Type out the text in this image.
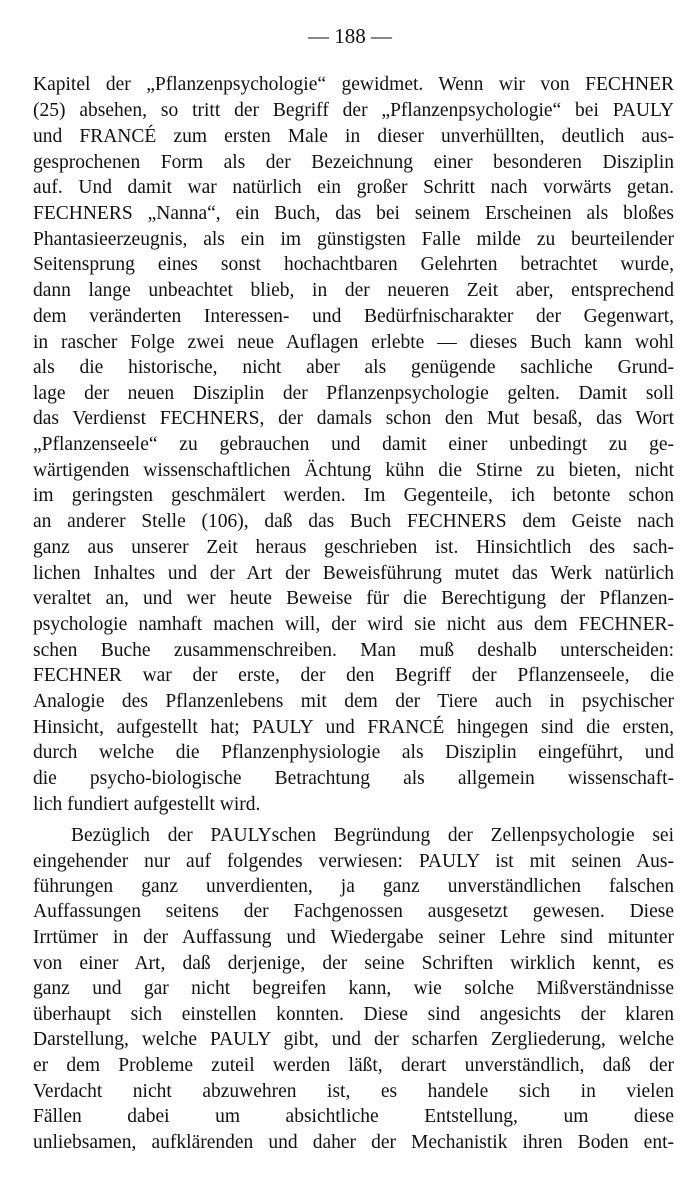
— 188 —
Kapitel der „Pflanzenpsychologie“ gewidmet. Wenn wir von FECHNER
(25) absehen, so tritt der Begriff der „Pflanzenpsychologie“ bei PAULY
und FRANCÉ zum ersten Male in dieser unverhüllten, deutlich aus-
gesprochenen Form als der Bezeichnung einer besonderen Disziplin
auf. Und damit war natürlich ein großer Schritt nach vorwärts getan.
FECHNERS „Nanna“, ein Buch, das bei seinem Erscheinen als bloßes
Phantasieerzeugnis, als ein im günstigsten Falle milde zu beurteilender
Seitensprung eines sonst hochachtbaren Gelehrten betrachtet wurde,
dann lange unbeachtet blieb, in der neueren Zeit aber, entsprechend
dem veränderten Interessen- und Bedürfnischarakter der Gegenwart,
in rascher Folge zwei neue Auflagen erlebte — dieses Buch kann wohl
als die historische, nicht aber als genügende sachliche Grund-
lage der neuen Disziplin der Pflanzenpsychologie gelten. Damit soll
das Verdienst FECHNERS, der damals schon den Mut besaß, das Wort
„Pflanzenseele“ zu gebrauchen und damit einer unbedingt zu ge-
wärtigenden wissenschaftlichen Ächtung kühn die Stirne zu bieten, nicht
im geringsten geschmälert werden. Im Gegenteile, ich betonte schon
an anderer Stelle (106), daß das Buch FECHNERS dem Geiste nach
ganz aus unserer Zeit heraus geschrieben ist. Hinsichtlich des sach-
lichen Inhaltes und der Art der Beweisführung mutet das Werk natürlich
veraltet an, und wer heute Beweise für die Berechtigung der Pflanzen-
psychologie namhaft machen will, der wird sie nicht aus dem FECHNER-
schen Buche zusammenschreiben. Man muß deshalb unterscheiden:
FECHNER war der erste, der den Begriff der Pflanzenseele, die
Analogie des Pflanzenlebens mit dem der Tiere auch in psychischer
Hinsicht, aufgestellt hat; PAULY und FRANCÉ hingegen sind die ersten,
durch welche die Pflanzenphysiologie als Disziplin eingeführt, und
die psycho-biologische Betrachtung als allgemein wissenschaft-
lich fundiert aufgestellt wird.
Bezüglich der PAULYschen Begründung der Zellenpsychologie sei
eingehender nur auf folgendes verwiesen: PAULY ist mit seinen Aus-
führungen ganz unverdienten, ja ganz unverständlichen falschen
Auffassungen seitens der Fachgenossen ausgesetzt gewesen. Diese
Irrtümer in der Auffassung und Wiedergabe seiner Lehre sind mitunter
von einer Art, daß derjenige, der seine Schriften wirklich kennt, es
ganz und gar nicht begreifen kann, wie solche Mißverständnisse
überhaupt sich einstellen konnten. Diese sind angesichts der klaren
Darstellung, welche PAULY gibt, und der scharfen Zergliederung, welche
er dem Probleme zuteil werden läßt, derart unverständlich, daß der
Verdacht nicht abzuwehren ist, es handele sich in vielen
Fällen dabei um absichtliche Entstellung, um diese
unliebsamen, aufklärenden und daher der Mechanistik ihren Boden ent-
